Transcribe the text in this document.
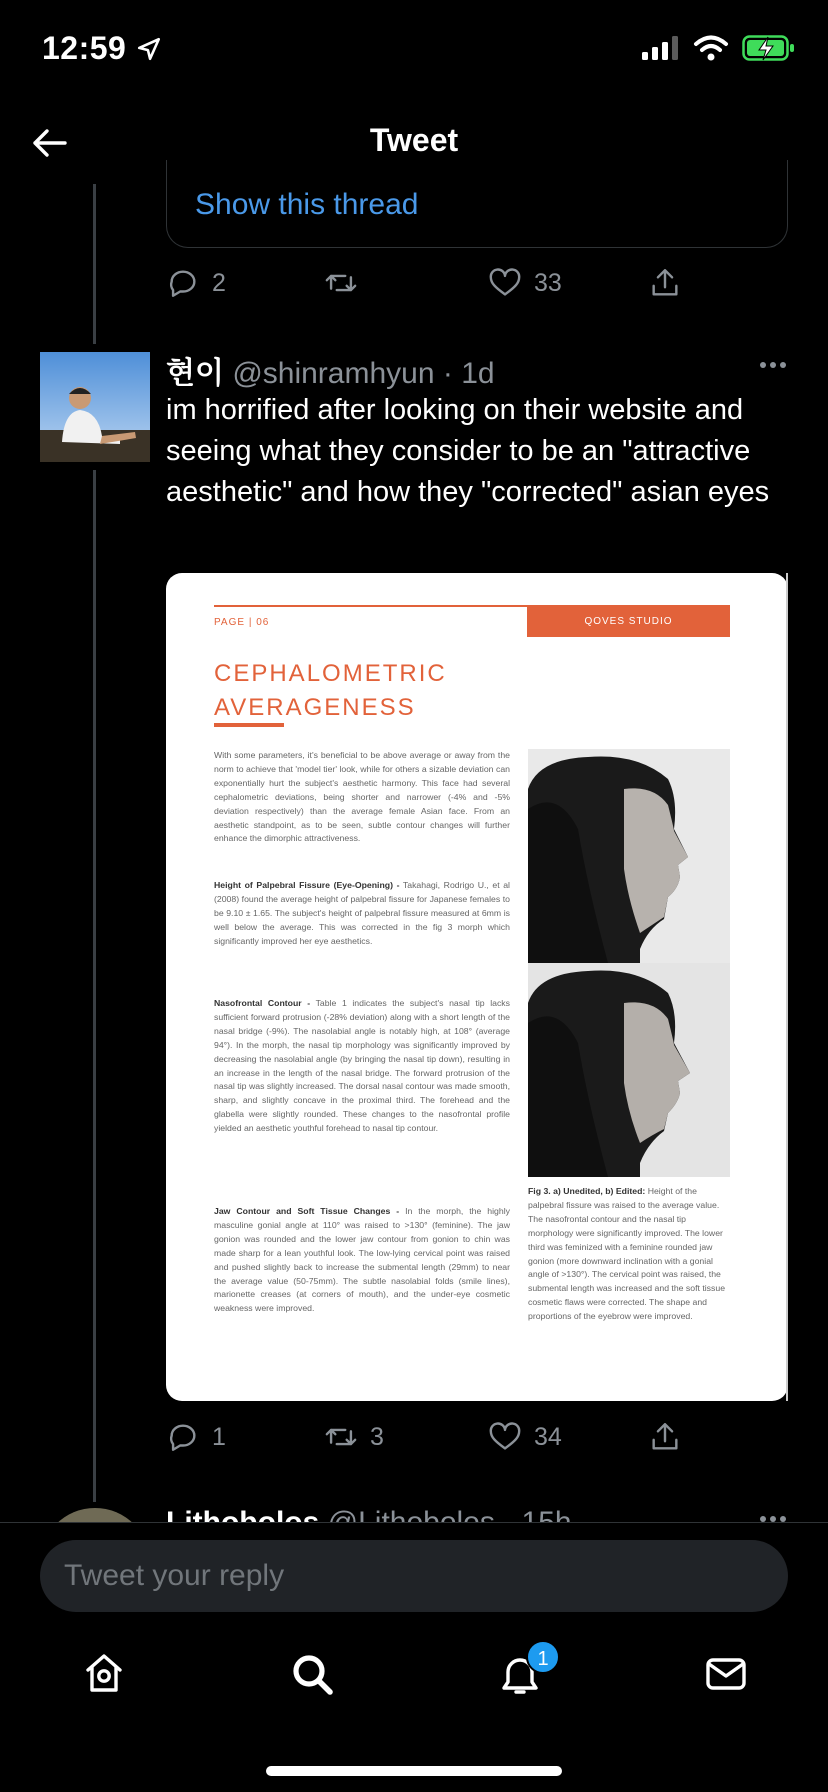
12:59
Tweet
Show this thread
2	33
현이 @shinramhyun · 1d
im horrified after looking on their website and seeing what they consider to be an "attractive aesthetic" and how they "corrected" asian eyes
PAGE | 06	QOVES STUDIO
CEPHALOMETRIC
AVERAGENESS
With some parameters, it's beneficial to be above average or away from the norm to achieve that 'model tier' look, while for others a sizable deviation can exponentially hurt the subject's aesthetic harmony. This face had several cephalometric deviations, being shorter and narrower (-4% and -5% deviation respectively) than the average female Asian face. From an aesthetic standpoint, as to be seen, subtle contour changes will further enhance the dimorphic attractiveness.
Height of Palpebral Fissure (Eye-Opening) - Takahagi, Rodrigo U., et al (2008) found the average height of palpebral fissure for Japanese females to be 9.10 ± 1.65. The subject's height of palpebral fissure measured at 6mm is well below the average. This was corrected in the fig 3 morph which significantly improved her eye aesthetics.
Nasofrontal Contour - Table 1 indicates the subject's nasal tip lacks sufficient forward protrusion (-28% deviation) along with a short length of the nasal bridge (-9%). The nasolabial angle is notably high, at 108° (average 94°). In the morph, the nasal tip morphology was significantly improved by decreasing the nasolabial angle (by bringing the nasal tip down), resulting in an increase in the length of the nasal bridge. The forward protrusion of the nasal tip was slightly increased. The dorsal nasal contour was made smooth, sharp, and slightly concave in the proximal third. The forehead and the glabella were slightly rounded. These changes to the nasofrontal profile yielded an aesthetic youthful forehead to nasal tip contour.
Jaw Contour and Soft Tissue Changes - In the morph, the highly masculine gonial angle at 110° was raised to >130° (feminine). The jaw gonion was rounded and the lower jaw contour from gonion to chin was made sharp for a lean youthful look. The low-lying cervical point was raised and pushed slightly back to increase the submental length (29mm) to near the average value (50-75mm). The subtle nasolabial folds (smile lines), marionette creases (at corners of mouth), and the under-eye cosmetic weakness were improved.
Fig 3. a) Unedited, b) Edited: Height of the palpebral fissure was raised to the average value. The nasofrontal contour and the nasal tip morphology were significantly improved. The lower third was feminized with a feminine rounded jaw gonion (more downward inclination with a gonial angle of >130°). The cervical point was raised, the submental length was increased and the soft tissue cosmetic flaws were corrected. The shape and proportions of the eyebrow were improved.
1	3	34
Tweet your reply
1
